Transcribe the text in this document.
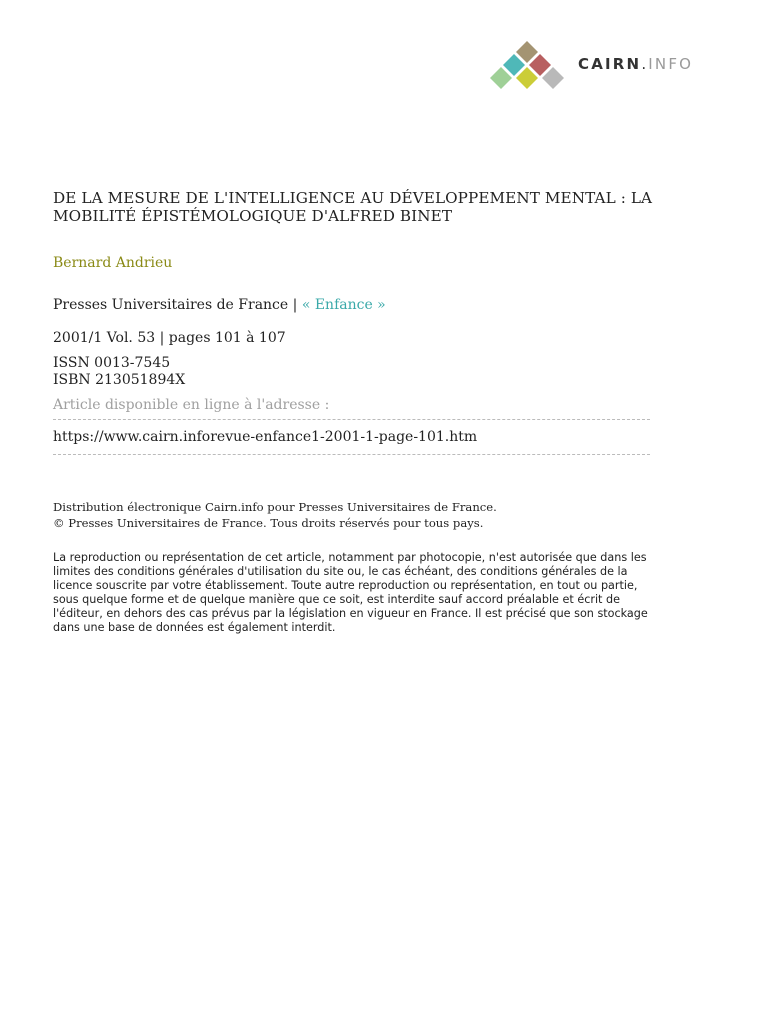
CAIRN.INFO
DE LA MESURE DE L'INTELLIGENCE AU DÉVELOPPEMENT MENTAL : LA
MOBILITÉ ÉPISTÉMOLOGIQUE D'ALFRED BINET
Bernard Andrieu
Presses Universitaires de France | « Enfance »
2001/1 Vol. 53 | pages 101 à 107
ISSN 0013-7545
ISBN 213051894X
Article disponible en ligne à l'adresse :
https://www.cairn.inforevue-enfance1-2001-1-page-101.htm
Distribution électronique Cairn.info pour Presses Universitaires de France.
© Presses Universitaires de France. Tous droits réservés pour tous pays.
La reproduction ou représentation de cet article, notamment par photocopie, n'est autorisée que dans les
limites des conditions générales d'utilisation du site ou, le cas échéant, des conditions générales de la
licence souscrite par votre établissement. Toute autre reproduction ou représentation, en tout ou partie,
sous quelque forme et de quelque manière que ce soit, est interdite sauf accord préalable et écrit de
l'éditeur, en dehors des cas prévus par la législation en vigueur en France. Il est précisé que son stockage
dans une base de données est également interdit.
